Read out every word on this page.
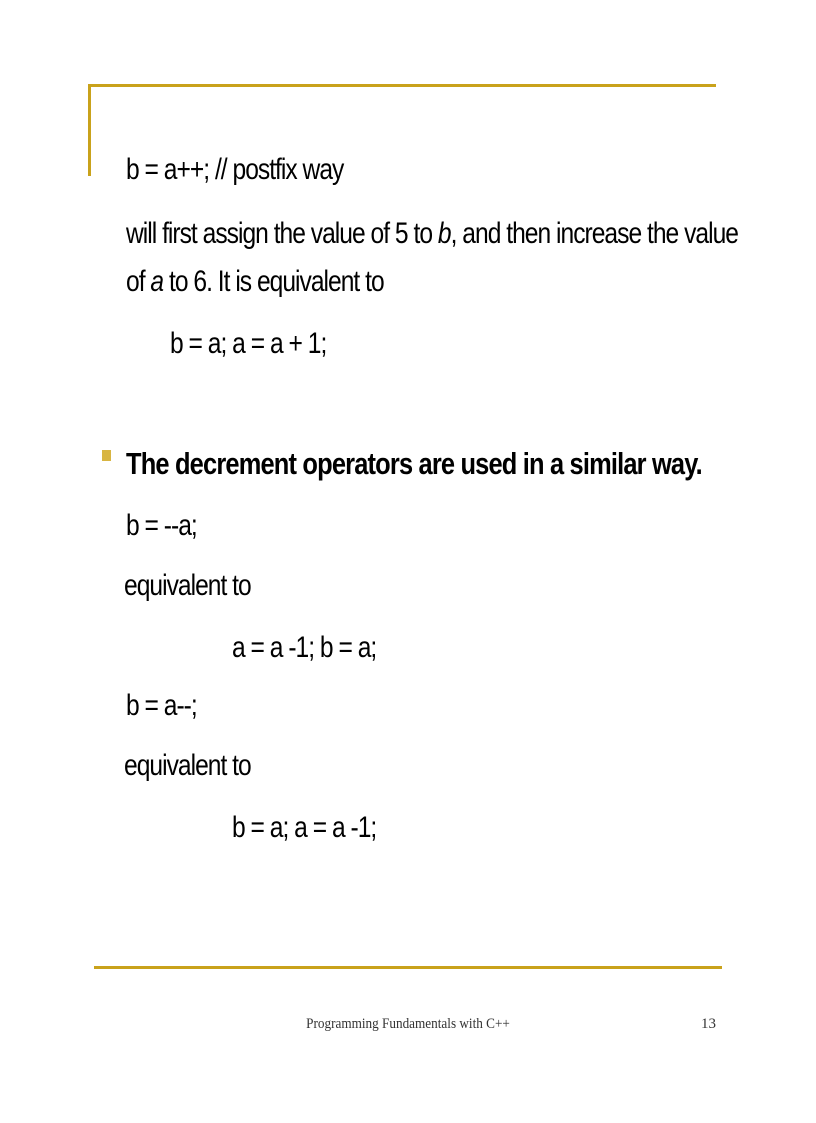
b = a++; // postfix way
will first assign the value of 5 to b, and then increase the value
of a to 6. It is equivalent to
b = a; a = a + 1;
The decrement operators are used in a similar way.
b = --a;
equivalent to
a = a -1; b = a;
b = a--;
equivalent to
b = a; a = a -1;
Programming Fundamentals with C++	13
